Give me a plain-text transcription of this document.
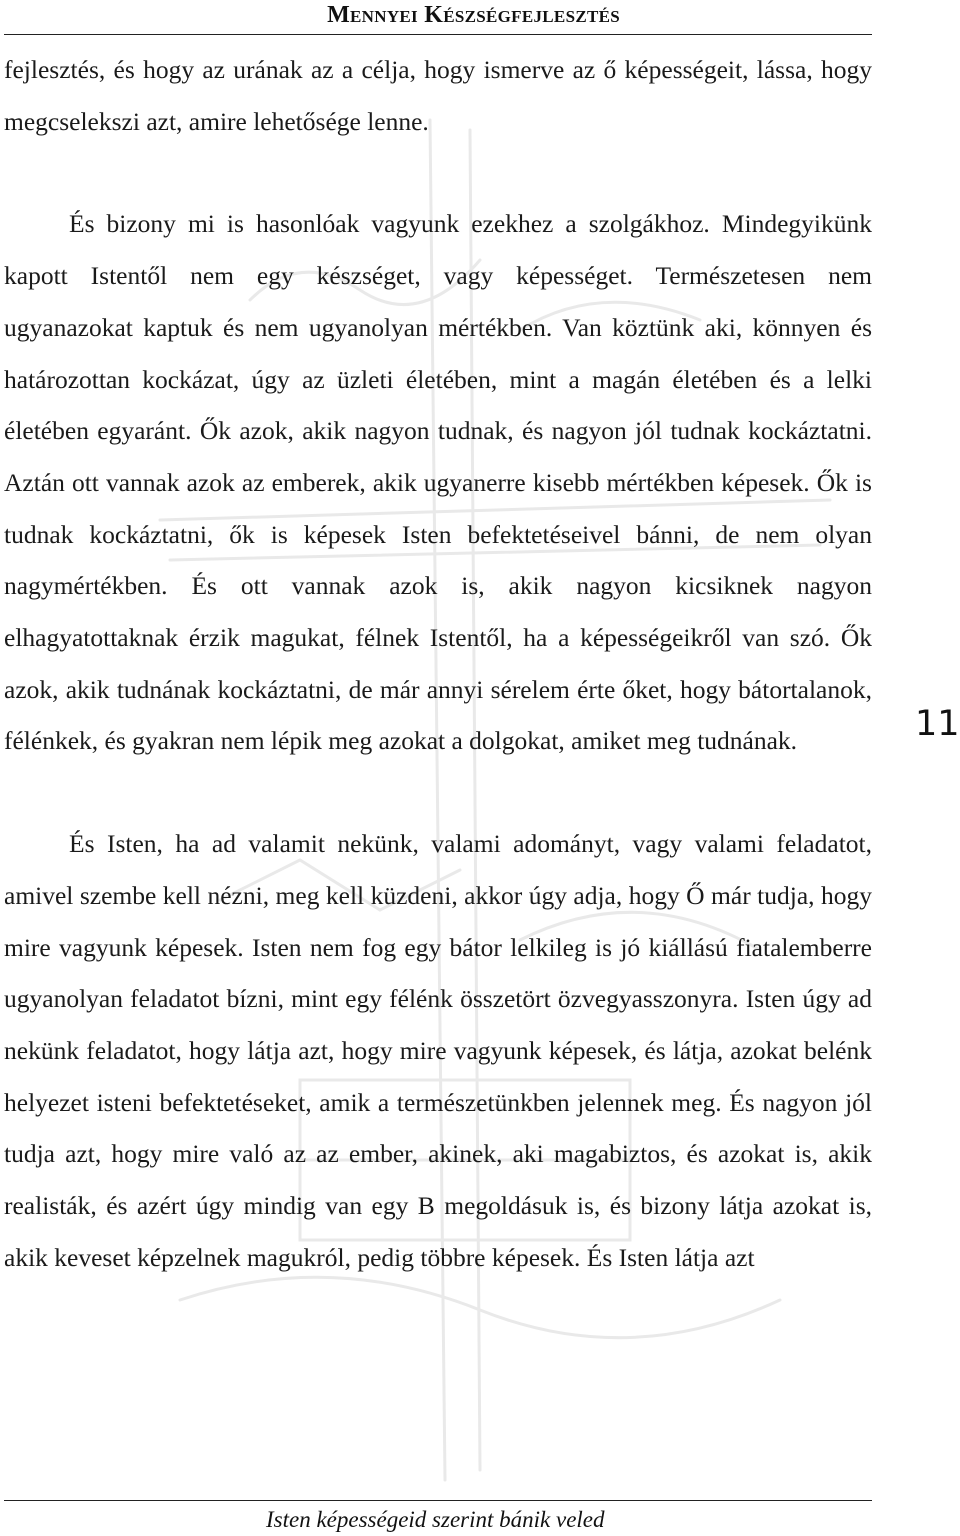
Mennyei Készségfejlesztés

fejlesztés, és hogy az urának az a célja, hogy ismerve az ő képességeit, lássa, hogy megcselekszi azt, amire lehetősége lenne.

És bizony mi is hasonlóak vagyunk ezekhez a szolgákhoz. Mindegyikünk kapott Istentől nem egy készséget, vagy képességet. Természetesen nem ugyanazokat kaptuk és nem ugyanolyan mértékben. Van köztünk aki, könnyen és határozottan kockázat, úgy az üzleti életében, mint a magán életében és a lelki életében egyaránt. Ők azok, akik nagyon tudnak, és nagyon jól tudnak kockáztatni. Aztán ott vannak azok az emberek, akik ugyanerre kisebb mértékben képesek. Ők is tudnak kockáztatni, ők is képesek Isten befektetéseivel bánni, de nem olyan nagymértékben. És ott vannak azok is, akik nagyon kicsiknek nagyon elhagyatottaknak érzik magukat, félnek Istentől, ha a képességeikről van szó. Ők azok, akik tudnának kockáztatni, de már annyi sérelem érte őket, hogy bátortalanok, félénkek, és gyakran nem lépik meg azokat a dolgokat, amiket meg tudnának.

És Isten, ha ad valamit nekünk, valami adományt, vagy valami feladatot, amivel szembe kell nézni, meg kell küzdeni, akkor úgy adja, hogy Ő már tudja, hogy mire vagyunk képesek. Isten nem fog egy bátor lelkileg is jó kiállású fiatalemberre ugyanolyan feladatot bízni, mint egy félénk összetört özvegyasszonyra. Isten úgy ad nekünk feladatot, hogy látja azt, hogy mire vagyunk képesek, és látja, azokat belénk helyezet isteni befektetéseket, amik a természetünkben jelennek meg. És nagyon jól tudja azt, hogy mire való az az ember, akinek, aki magabiztos, és azokat is, akik realisták, és azért úgy mindig van egy B megoldásuk is, és bizony látja azokat is, akik keveset képzelnek magukról, pedig többre képesek. És Isten látja azt

11
Isten képességeid szerint bánik veled
